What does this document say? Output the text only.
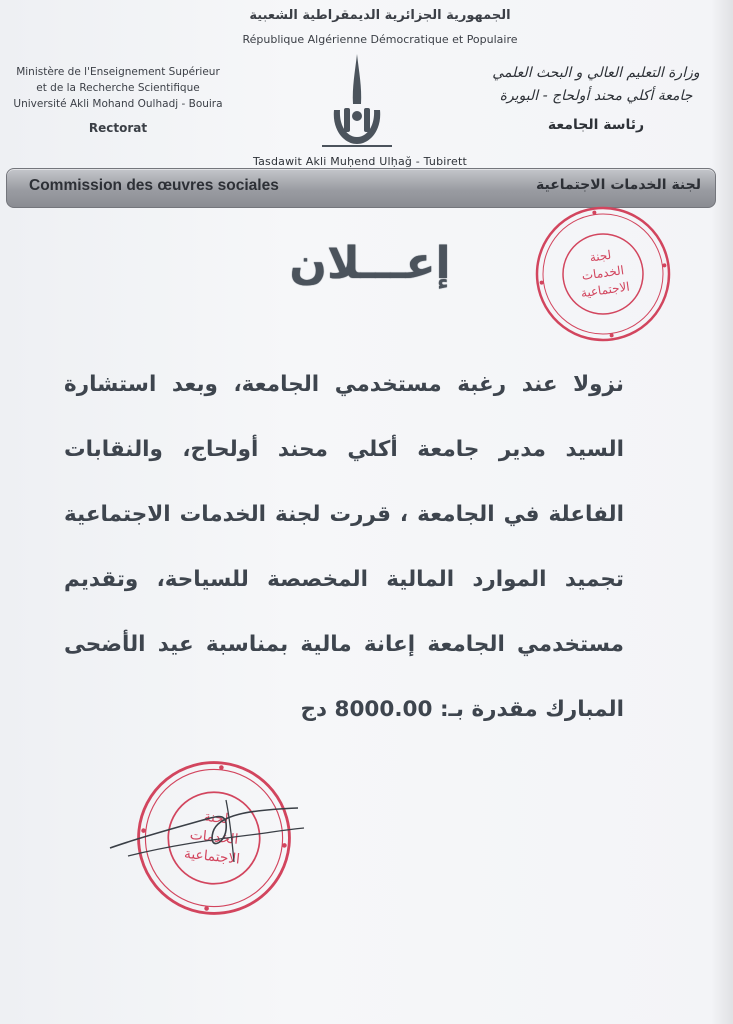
الجمهورية الجزائرية الديمقراطية الشعبية
République Algérienne Démocratique et Populaire
Ministère de l'Enseignement Supérieur
et de la Recherche Scientifique
Université Akli Mohand Oulhadj - Bouira
Rectorat
وزارة التعليم العالي و البحث العلمي
جامعة أكلي محند أولحاج - البويرة
رئاسة الجامعة
Tasdawit Akli Muḥend Ulḥağ - Tubirett
Commission des œuvres sociales	لجنة الخدمات الاجتماعية
لجنة
الخدمات
الاجتماعية
إعـــلان
نزولا عند رغبة مستخدمي الجامعة، وبعد استشارة السيد مدير جامعة أكلي محند أولحاج، والنقابات الفاعلة في الجامعة ، قررت لجنة الخدمات الاجتماعية تجميد الموارد المالية المخصصة للسياحة، وتقديم مستخدمي الجامعة إعانة مالية بمناسبة عيد الأضحى المبارك مقدرة بـ: 8000.00 دج
لجنة
الخدمات
الاجتماعية
